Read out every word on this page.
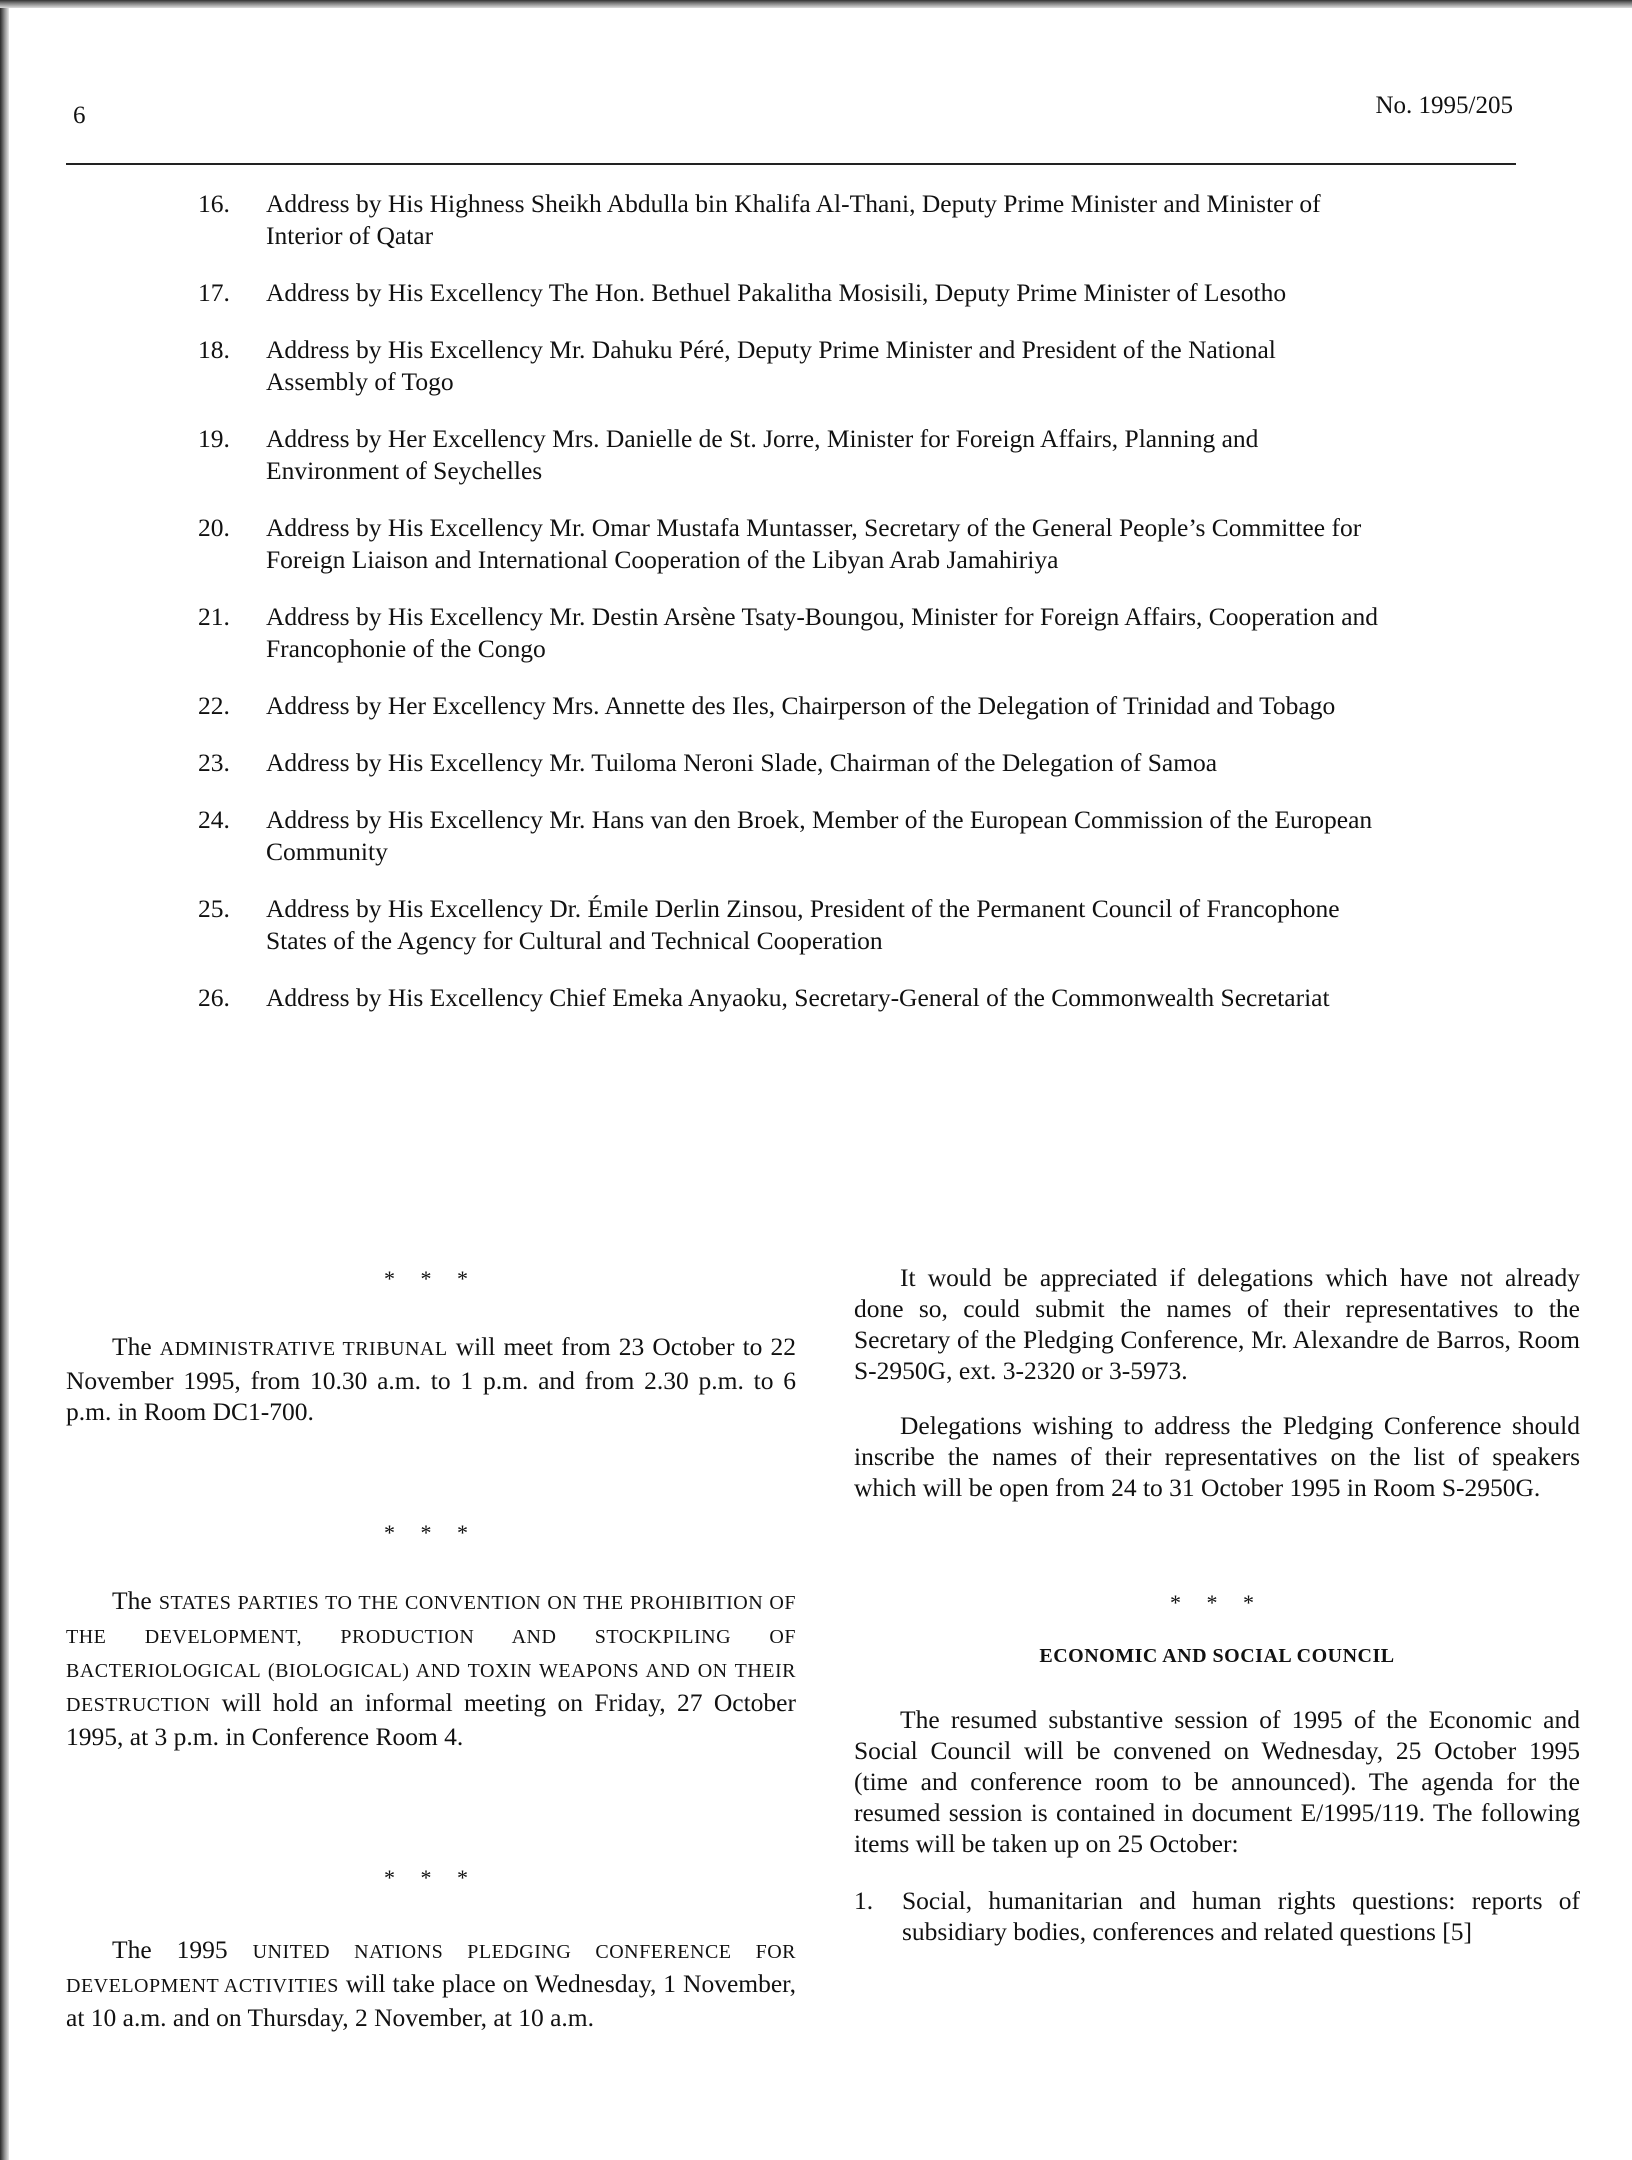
6	No. 1995/205
16.	Address by His Highness Sheikh Abdulla bin Khalifa Al-Thani, Deputy Prime Minister and Minister of Interior of Qatar
17.	Address by His Excellency The Hon. Bethuel Pakalitha Mosisili, Deputy Prime Minister of Lesotho
18.	Address by His Excellency Mr. Dahuku Péré, Deputy Prime Minister and President of the National Assembly of Togo
19.	Address by Her Excellency Mrs. Danielle de St. Jorre, Minister for Foreign Affairs, Planning and Environment of Seychelles
20.	Address by His Excellency Mr. Omar Mustafa Muntasser, Secretary of the General People’s Committee for Foreign Liaison and International Cooperation of the Libyan Arab Jamahiriya
21.	Address by His Excellency Mr. Destin Arsène Tsaty-Boungou, Minister for Foreign Affairs, Cooperation and Francophonie of the Congo
22.	Address by Her Excellency Mrs. Annette des Iles, Chairperson of the Delegation of Trinidad and Tobago
23.	Address by His Excellency Mr. Tuiloma Neroni Slade, Chairman of the Delegation of Samoa
24.	Address by His Excellency Mr. Hans van den Broek, Member of the European Commission of the European Community
25.	Address by His Excellency Dr. Émile Derlin Zinsou, President of the Permanent Council of Francophone States of the Agency for Cultural and Technical Cooperation
26.	Address by His Excellency Chief Emeka Anyaoku, Secretary-General of the Commonwealth Secretariat
* * *

The ADMINISTRATIVE TRIBUNAL will meet from 23 October to 22 November 1995, from 10.30 a.m. to 1 p.m. and from 2.30 p.m. to 6 p.m. in Room DC1-700.

* * *

The STATES PARTIES TO THE CONVENTION ON THE PROHIBITION OF THE DEVELOPMENT, PRODUCTION AND STOCKPILING OF BACTERIOLOGICAL (BIOLOGICAL) AND TOXIN WEAPONS AND ON THEIR DESTRUCTION will hold an informal meeting on Friday, 27 October 1995, at 3 p.m. in Conference Room 4.

* * *

The 1995 UNITED NATIONS PLEDGING CONFERENCE FOR DEVELOPMENT ACTIVITIES will take place on Wednesday, 1 November, at 10 a.m. and on Thursday, 2 November, at 10 a.m.

It would be appreciated if delegations which have not already done so, could submit the names of their representatives to the Secretary of the Pledging Conference, Mr. Alexandre de Barros, Room S-2950G, ext. 3-2320 or 3-5973.

Delegations wishing to address the Pledging Conference should inscribe the names of their representatives on the list of speakers which will be open from 24 to 31 October 1995 in Room S-2950G.

* * *
ECONOMIC AND SOCIAL COUNCIL

The resumed substantive session of 1995 of the Economic and Social Council will be convened on Wednesday, 25 October 1995 (time and conference room to be announced). The agenda for the resumed session is contained in document E/1995/119. The following items will be taken up on 25 October:

1.	Social, humanitarian and human rights questions: reports of subsidiary bodies, conferences and related questions [5]
